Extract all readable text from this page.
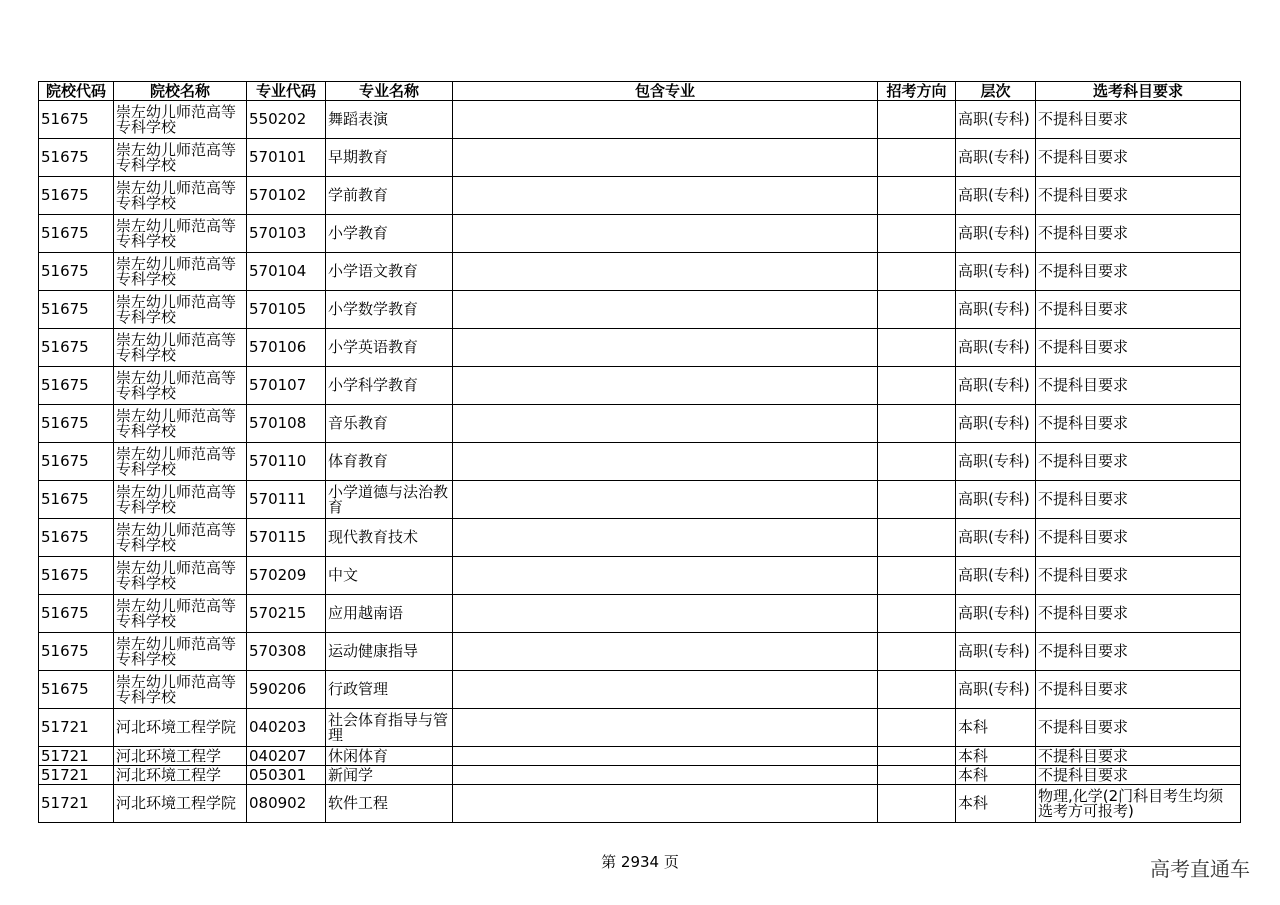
院校代码	院校名称	专业代码	专业名称	包含专业	招考方向	层次	选考科目要求
51675	崇左幼儿师范高等专科学校	550202	舞蹈表演			高职(专科)	不提科目要求
51675	崇左幼儿师范高等专科学校	570101	早期教育			高职(专科)	不提科目要求
51675	崇左幼儿师范高等专科学校	570102	学前教育			高职(专科)	不提科目要求
51675	崇左幼儿师范高等专科学校	570103	小学教育			高职(专科)	不提科目要求
51675	崇左幼儿师范高等专科学校	570104	小学语文教育			高职(专科)	不提科目要求
51675	崇左幼儿师范高等专科学校	570105	小学数学教育			高职(专科)	不提科目要求
51675	崇左幼儿师范高等专科学校	570106	小学英语教育			高职(专科)	不提科目要求
51675	崇左幼儿师范高等专科学校	570107	小学科学教育			高职(专科)	不提科目要求
51675	崇左幼儿师范高等专科学校	570108	音乐教育			高职(专科)	不提科目要求
51675	崇左幼儿师范高等专科学校	570110	体育教育			高职(专科)	不提科目要求
51675	崇左幼儿师范高等专科学校	570111	小学道德与法治教育			高职(专科)	不提科目要求
51675	崇左幼儿师范高等专科学校	570115	现代教育技术			高职(专科)	不提科目要求
51675	崇左幼儿师范高等专科学校	570209	中文			高职(专科)	不提科目要求
51675	崇左幼儿师范高等专科学校	570215	应用越南语			高职(专科)	不提科目要求
51675	崇左幼儿师范高等专科学校	570308	运动健康指导			高职(专科)	不提科目要求
51675	崇左幼儿师范高等专科学校	590206	行政管理			高职(专科)	不提科目要求
51721	河北环境工程学院	040203	社会体育指导与管理			本科	不提科目要求
51721	河北环境工程学	040207	休闲体育			本科	不提科目要求
51721	河北环境工程学	050301	新闻学			本科	不提科目要求
51721	河北环境工程学院	080902	软件工程			本科	物理,化学(2门科目考生均须选考方可报考)
第 2934 页	高考直通车
